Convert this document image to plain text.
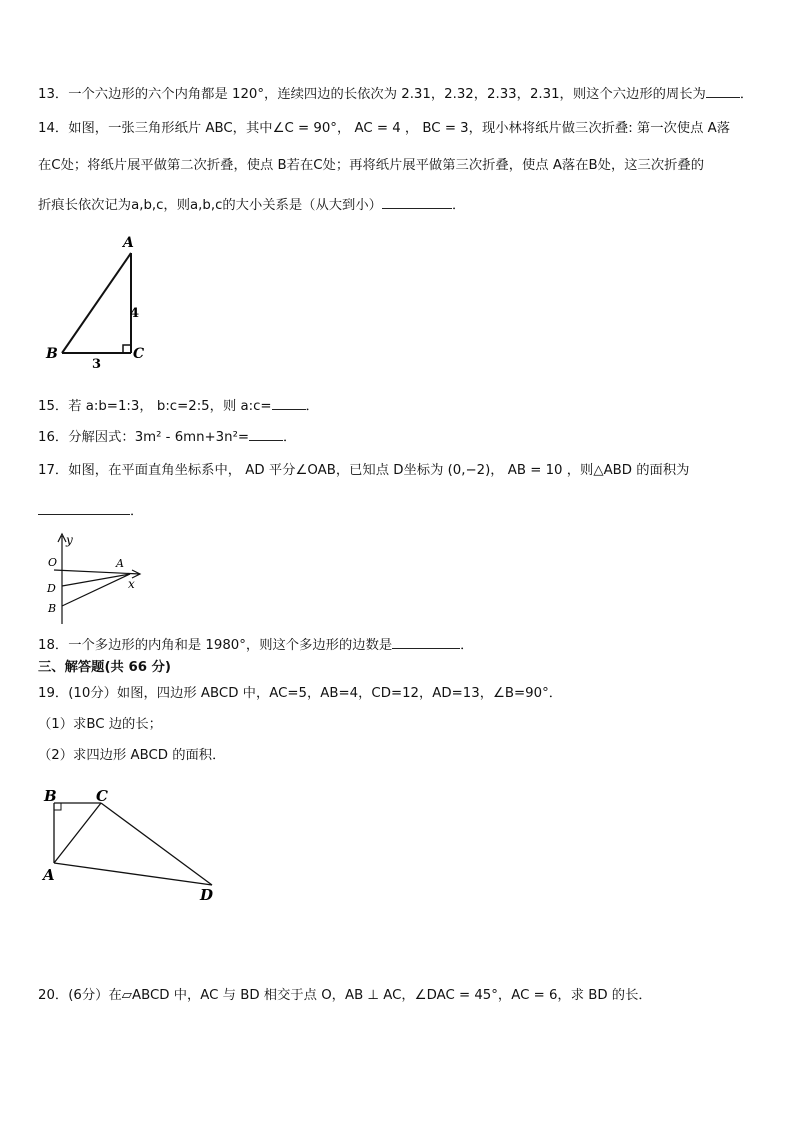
13．一个六边形的六个内角都是 120°，连续四边的长依次为 2.31，2.32，2.33，2.31，则这个六边形的周长为	．
14．如图，一张三角形纸片 ABC，其中∠C = 90°， AC = 4 ， BC = 3，现小林将纸片做三次折叠: 第一次使点 A落
在C处；将纸片展平做第二次折叠，使点 B若在C处；再将纸片展平做第三次折叠，使点 A落在B处，这三次折叠的
折痕长依次记为a,b,c，则a,b,c的大小关系是（从大到小）	．
A
B	C
4
3
15．若 a:b=1:3， b:c=2:5，则 a:c=	．
16．分解因式：3m² - 6mn+3n²=	．
17．如图，在平面直角坐标系中， AD 平分∠OAB，已知点 D坐标为 (0,−2)， AB = 10 ，则△ABD 的面积为
．
y
x
O	A
D
B
18．一个多边形的内角和是 1980°，则这个多边形的边数是	．
三、解答题(共 66 分)
19．(10分）如图，四边形 ABCD 中，AC=5，AB=4，CD=12，AD=13，∠B=90°．
（1）求BC 边的长；
（2）求四边形 ABCD 的面积．
B	C
A
D
20．(6分）在▱ABCD 中，AC 与 BD 相交于点 O，AB ⊥ AC，∠DAC = 45°，AC = 6，求 BD 的长．
